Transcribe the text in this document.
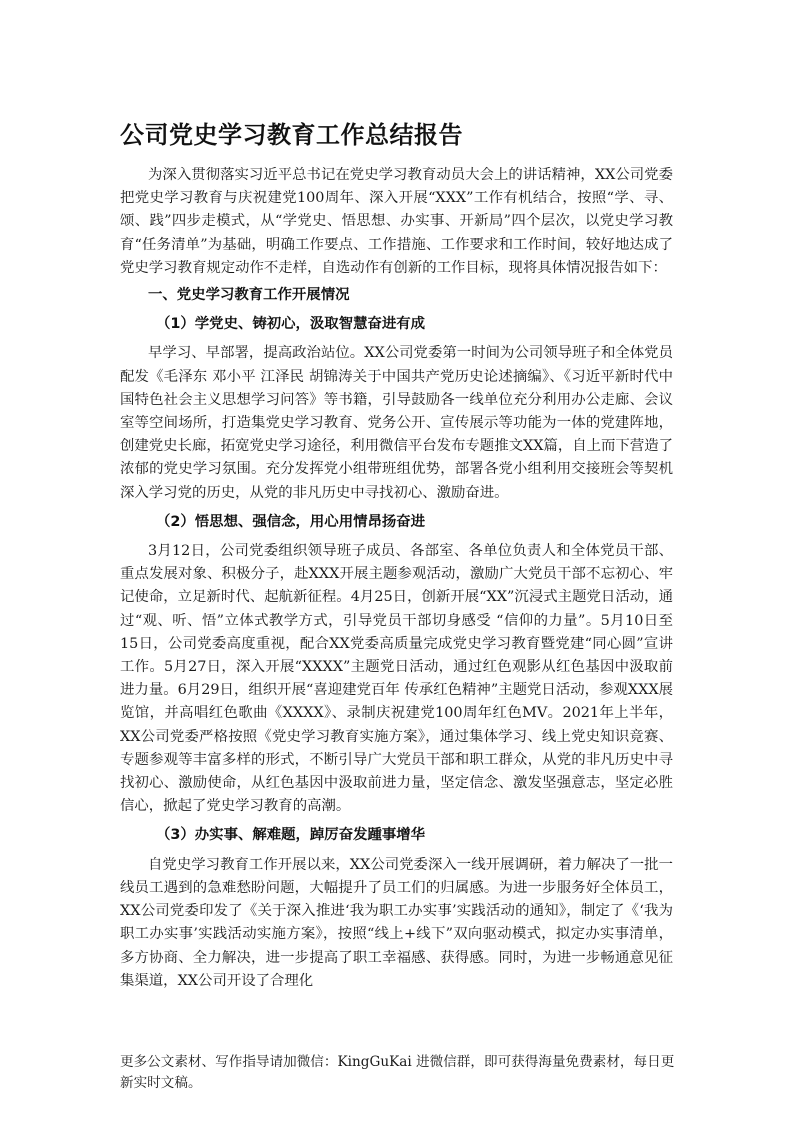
公司党史学习教育工作总结报告

为深入贯彻落实习近平总书记在党史学习教育动员大会上的讲话精神，XX公司党委把党史学习教育与庆祝建党100周年、深入开展“XXX”工作有机结合，按照“学、寻、颂、践”四步走模式，从“学党史、悟思想、办实事、开新局”四个层次，以党史学习教育“任务清单”为基础，明确工作要点、工作措施、工作要求和工作时间，较好地达成了党史学习教育规定动作不走样，自选动作有创新的工作目标，现将具体情况报告如下：

一、党史学习教育工作开展情况
（1）学党史、铸初心，汲取智慧奋进有成

早学习、早部署，提高政治站位。XX公司党委第一时间为公司领导班子和全体党员配发《毛泽东 邓小平 江泽民 胡锦涛关于中国共产党历史论述摘编》、《习近平新时代中国特色社会主义思想学习问答》等书籍，引导鼓励各一线单位充分利用办公走廊、会议室等空间场所，打造集党史学习教育、党务公开、宣传展示等功能为一体的党建阵地，创建党史长廊，拓宽党史学习途径，利用微信平台发布专题推文XX篇，自上而下营造了浓郁的党史学习氛围。充分发挥党小组带班组优势，部署各党小组利用交接班会等契机深入学习党的历史，从党的非凡历史中寻找初心、激励奋进。

（2）悟思想、强信念，用心用情昂扬奋进

3月12日，公司党委组织领导班子成员、各部室、各单位负责人和全体党员干部、重点发展对象、积极分子，赴XXX开展主题参观活动，激励广大党员干部不忘初心、牢记使命，立足新时代、起航新征程。4月25日，创新开展“XX”沉浸式主题党日活动，通过“观、听、悟”立体式教学方式，引导党员干部切身感受 “信仰的力量”。5月10日至15日，公司党委高度重视，配合XX党委高质量完成党史学习教育暨党建“同心圆”宣讲工作。5月27日，深入开展“XXXX”主题党日活动，通过红色观影从红色基因中汲取前进力量。6月29日，组织开展“喜迎建党百年 传承红色精神”主题党日活动，参观XXX展览馆，并高唱红色歌曲《XXXX》、录制庆祝建党100周年红色MV。2021年上半年，XX公司党委严格按照《党史学习教育实施方案》，通过集体学习、线上党史知识竞赛、专题参观等丰富多样的形式，不断引导广大党员干部和职工群众，从党的非凡历史中寻找初心、激励使命，从红色基因中汲取前进力量，坚定信念、激发坚强意志，坚定必胜信心，掀起了党史学习教育的高潮。

（3）办实事、解难题，踔厉奋发踵事增华

自党史学习教育工作开展以来，XX公司党委深入一线开展调研，着力解决了一批一线员工遇到的急难愁盼问题，大幅提升了员工们的归属感。为进一步服务好全体员工，XX公司党委印发了《关于深入推进‘我为职工办实事’实践活动的通知》，制定了《‘我为职工办实事’实践活动实施方案》，按照“线上+线下”双向驱动模式，拟定办实事清单，多方协商、全力解决，进一步提高了职工幸福感、获得感。同时，为进一步畅通意见征集渠道，XX公司开设了合理化

更多公文素材、写作指导请加微信：KingGuKai 进微信群，即可获得海量免费素材，每日更新实时文稿。
